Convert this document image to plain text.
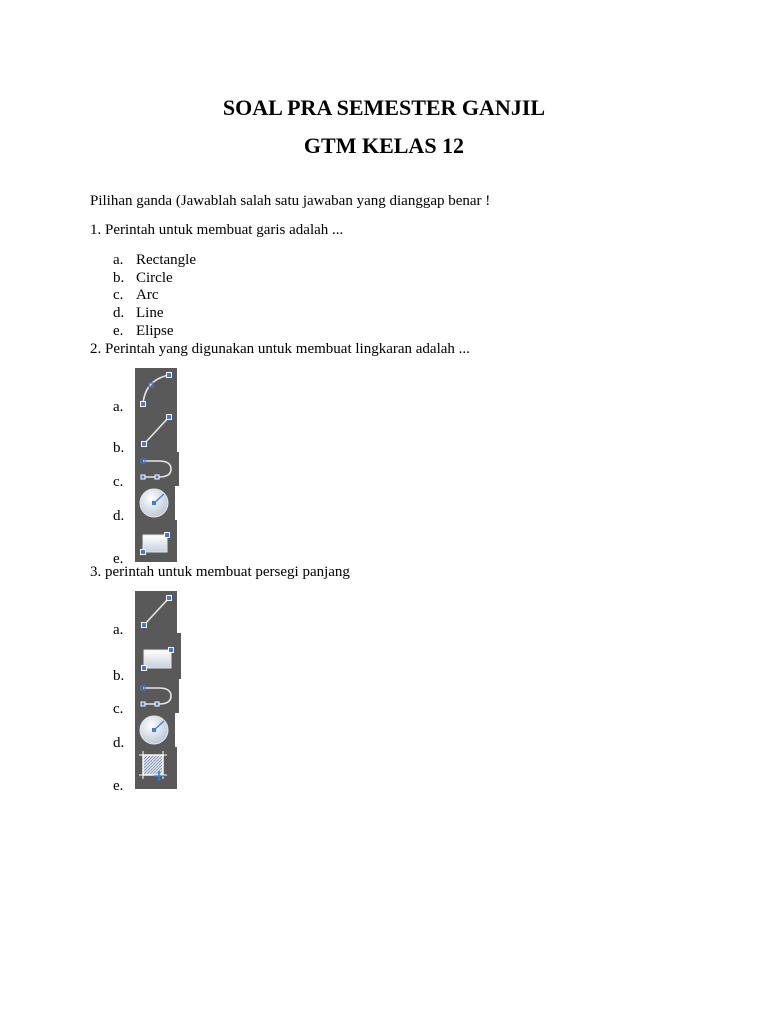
SOAL PRA SEMESTER GANJIL
GTM KELAS 12

Pilihan ganda (Jawablah salah satu jawaban yang dianggap benar !

1. Perintah untuk membuat garis adalah ...

a. Rectangle
b. Circle
c. Arc
d. Line
e. Elipse

2. Perintah yang digunakan untuk membuat lingkaran adalah ...

a.
b.
c.
d.
e.

3. perintah untuk membuat persegi panjang

a.
b.
c.
d.
e.
